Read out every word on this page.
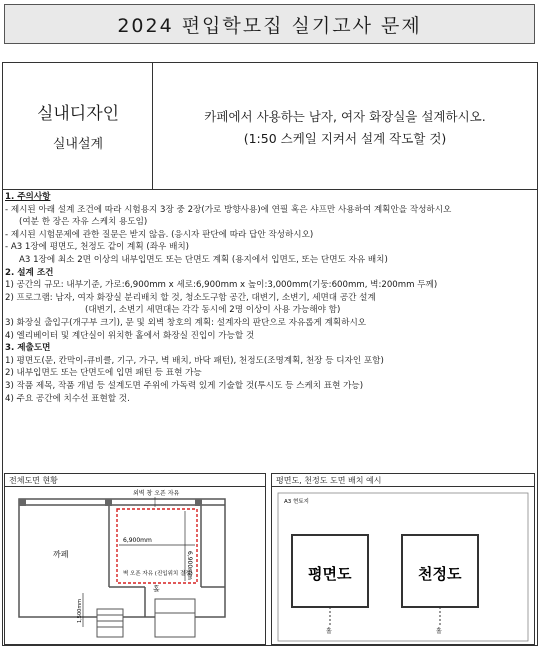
2024 편입학모집 실기고사 문제
실내디자인
실내설계
카페에서 사용하는 남자, 여자 화장실을 설계하시오.
(1:50 스케일 지켜서 설계 작도할 것)
1. 주의사항
- 제시된 아래 설계 조건에 따라 시험용지 3장 중 2장(가로 방향사용)에 연필 혹은 샤프만 사용하여 계획안을 작성하시오
(여분 한 장은 자유 스케치 용도임)
- 제시된 시험문제에 관한 질문은 받지 않음. (응시자 판단에 따라 답안 작성하시오)
- A3 1장에 평면도, 천정도 같이 계획 (좌우 배치)
A3 1장에 최소 2면 이상의 내부입면도 또는 단면도 계획 (용지에서 입면도, 또는 단면도 자유 배치)
2. 설계 조건
1) 공간의 규모: 내부기준, 가로:6,900mm x 세로:6,900mm x 높이:3,000mm(기둥:600mm, 벽:200mm 두께)
2) 프로그램: 남자, 여자 화장실 분리배치 할 것, 청소도구함 공간, 대변기, 소변기, 세면대 공간 설계
(대변기, 소변기 세면대는 각각 동시에 2명 이상이 사용 가능해야 함)
3) 화장실 출입구(개구부 크기), 문 및 외벽 창호의 계획: 설계자의 판단으로 자유롭게 계획하시오
4) 엘리베이터 및 계단실이 위치한 홀에서 화장실 진입이 가능할 것
3. 제출도면
1) 평면도(문, 칸막이-큐비클, 기구, 가구, 벽 배치, 바닥 패턴), 천정도(조명계획, 천장 등 디자인 포함)
2) 내부입면도 또는 단면도에 입면 패턴 등 표현 가능
3) 작품 제목, 작품 개념 등 설계도면 주위에 가독력 있게 기술할 것(투시도 등 스케치 표현 가능)
4) 주요 공간에 치수선 표현할 것.
전체도면 현황
외벽 창 오픈 자유
6,900mm
6,900mm
벽 오픈 자유 (진입위치 결정)
까페
홀
1,500mm
평면도, 천정도 도면 배치 예시
A3 현토지
평면도	천정도
홀	홀
